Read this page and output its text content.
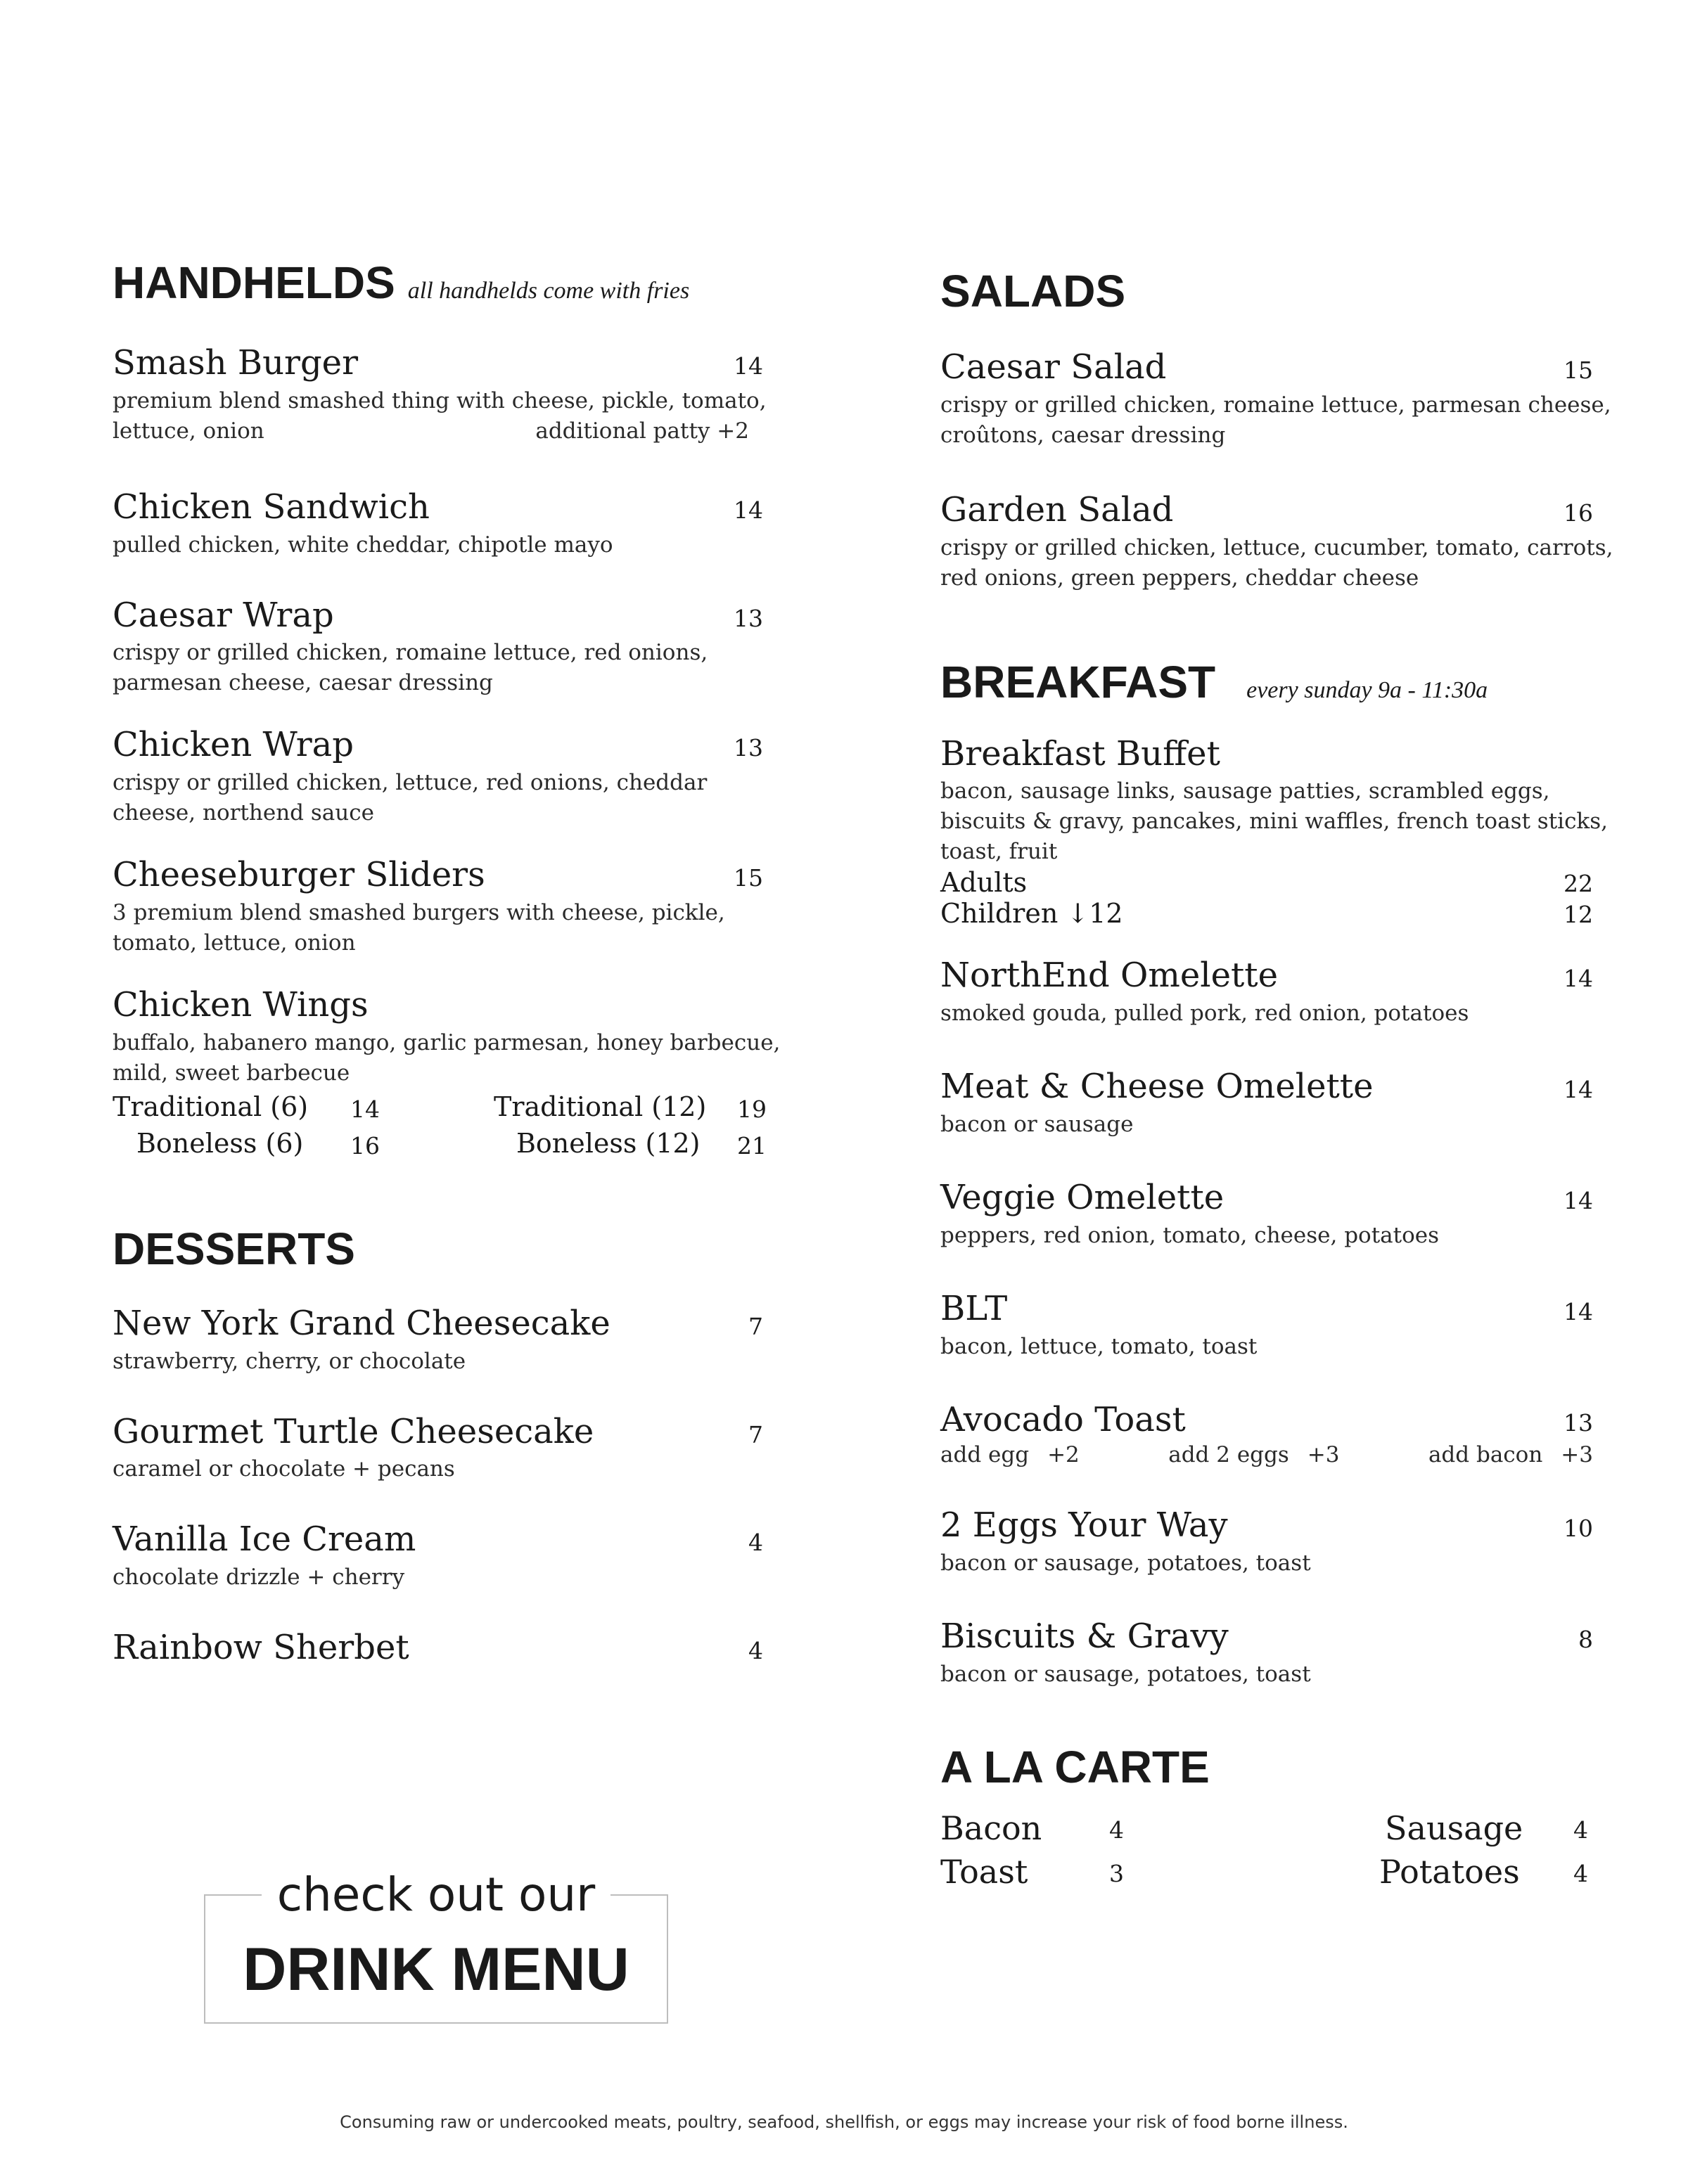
HANDHELDS all handhelds come with fries
Smash Burger	14
premium blend smashed thing with cheese, pickle, tomato,
lettuce, onion	additional patty +2
Chicken Sandwich	14
pulled chicken, white cheddar, chipotle mayo
Caesar Wrap	13
crispy or grilled chicken, romaine lettuce, red onions,
parmesan cheese, caesar dressing
Chicken Wrap	13
crispy or grilled chicken, lettuce, red onions, cheddar
cheese, northend sauce
Cheeseburger Sliders	15
3 premium blend smashed burgers with cheese, pickle,
tomato, lettuce, onion
Chicken Wings
buffalo, habanero mango, garlic parmesan, honey barbecue,
mild, sweet barbecue
Traditional (6) 14	Traditional (12) 19
Boneless (6) 16	Boneless (12) 21
DESSERTS
New York Grand Cheesecake	7
strawberry, cherry, or chocolate
Gourmet Turtle Cheesecake	7
caramel or chocolate + pecans
Vanilla Ice Cream	4
chocolate drizzle + cherry
Rainbow Sherbet	4
check out our
DRINK MENU
SALADS
Caesar Salad	15
crispy or grilled chicken, romaine lettuce, parmesan cheese,
croûtons, caesar dressing
Garden Salad	16
crispy or grilled chicken, lettuce, cucumber, tomato, carrots,
red onions, green peppers, cheddar cheese
BREAKFAST every sunday 9a - 11:30a
Breakfast Buffet
bacon, sausage links, sausage patties, scrambled eggs,
biscuits & gravy, pancakes, mini waffles, french toast sticks,
toast, fruit
Adults	22
Children ↓12	12
NorthEnd Omelette	14
smoked gouda, pulled pork, red onion, potatoes
Meat & Cheese Omelette	14
bacon or sausage
Veggie Omelette	14
peppers, red onion, tomato, cheese, potatoes
BLT	14
bacon, lettuce, tomato, toast
Avocado Toast	13
add egg +2	add 2 eggs +3	add bacon +3
2 Eggs Your Way	10
bacon or sausage, potatoes, toast
Biscuits & Gravy	8
bacon or sausage, potatoes, toast
A LA CARTE
Bacon	4	Sausage 4
Toast	3	Potatoes 4
Consuming raw or undercooked meats, poultry, seafood, shellfish, or eggs may increase your risk of food borne illness.
